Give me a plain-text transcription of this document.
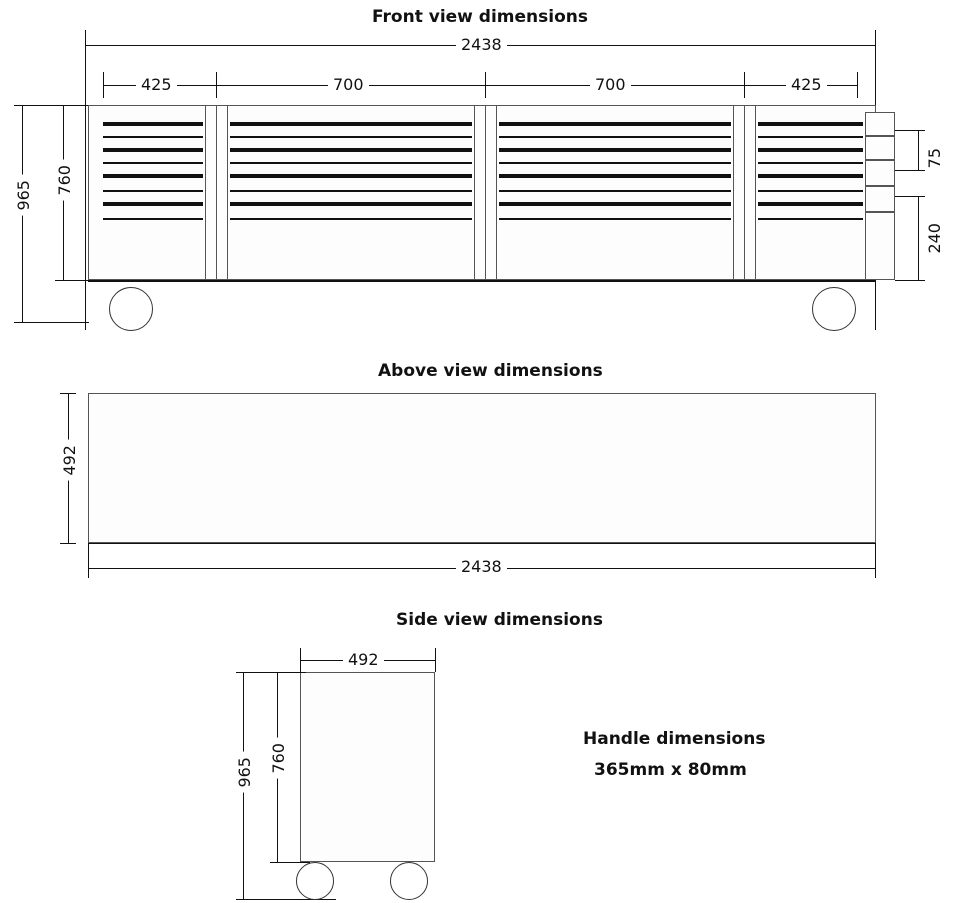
Front view dimensions
2438
425	700	700	425
965 760
75
240
Above view dimensions
492
2438
Side view dimensions
492
965 760
Handle dimensions
365mm x 80mm
